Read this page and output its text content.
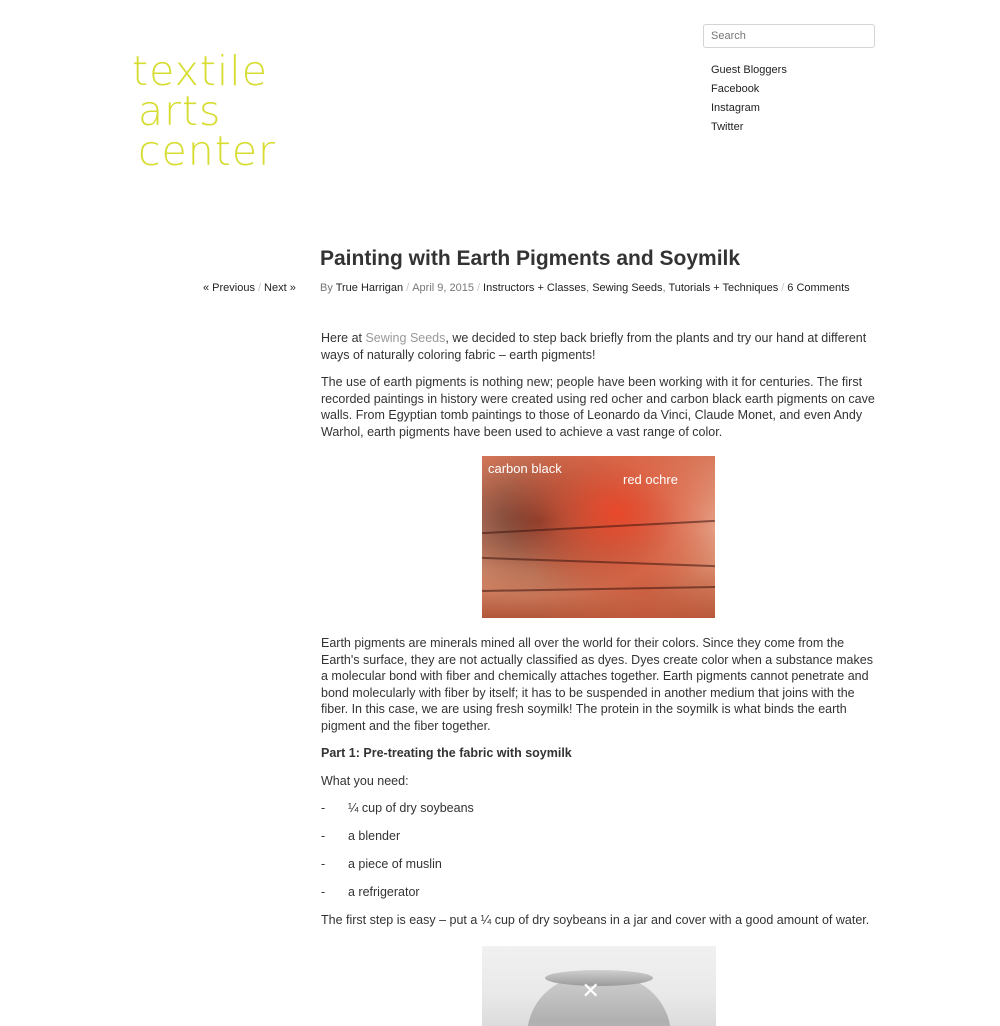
textile
arts
center
Search
Guest Bloggers
Facebook
Instagram
Twitter
« Previous / Next »
Painting with Earth Pigments and Soymilk
By True Harrigan / April 9, 2015 / Instructors + Classes, Sewing Seeds, Tutorials + Techniques / 6 Comments

Here at Sewing Seeds, we decided to step back briefly from the plants and try our hand at different ways of naturally coloring fabric – earth pigments!

The use of earth pigments is nothing new; people have been working with it for centuries. The first recorded paintings in history were created using red ocher and carbon black earth pigments on cave walls. From Egyptian tomb paintings to those of Leonardo da Vinci, Claude Monet, and even Andy Warhol, earth pigments have been used to achieve a vast range of color.

carbon black
red ochre

Earth pigments are minerals mined all over the world for their colors. Since they come from the Earth's surface, they are not actually classified as dyes. Dyes create color when a substance makes a molecular bond with fiber and chemically attaches together. Earth pigments cannot penetrate and bond molecularly with fiber by itself; it has to be suspended in another medium that joins with the fiber. In this case, we are using fresh soymilk! The protein in the soymilk is what binds the earth pigment and the fiber together.

Part 1: Pre-treating the fabric with soymilk

What you need:

- ¼ cup of dry soybeans
- a blender
- a piece of muslin
- a refrigerator

The first step is easy – put a ¼ cup of dry soybeans in a jar and cover with a good amount of water.

✕
